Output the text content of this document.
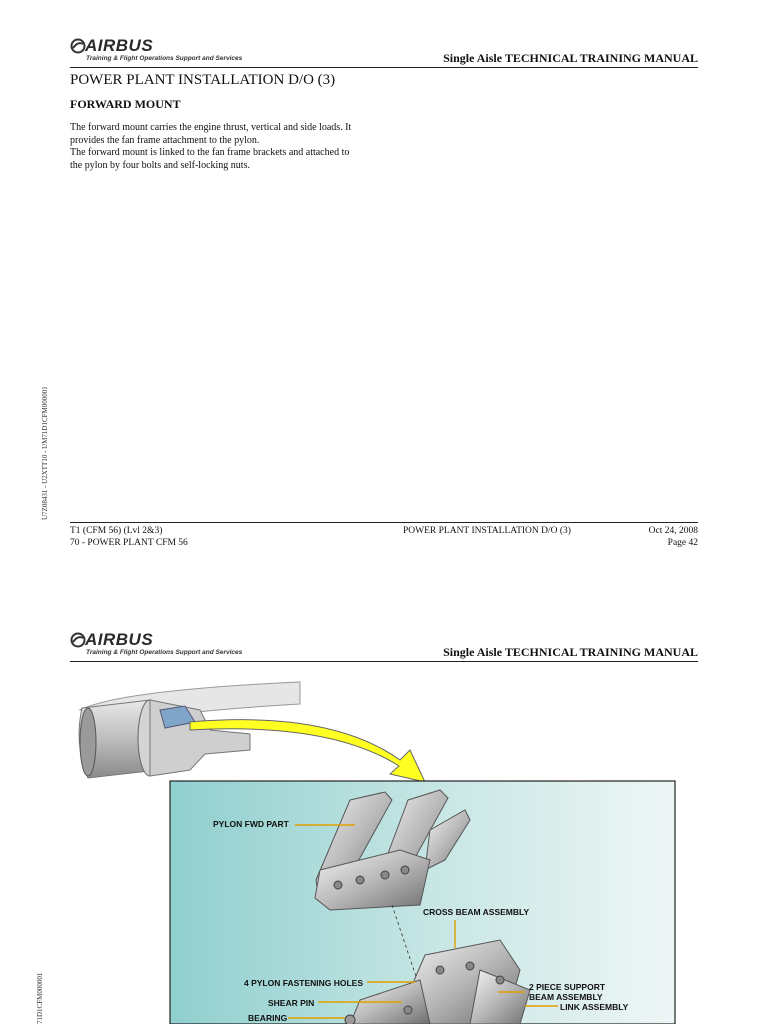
AIRBUS
Training & Flight Operations Support and Services	Single Aisle TECHNICAL TRAINING MANUAL
POWER PLANT INSTALLATION D/O (3)
FORWARD MOUNT
The forward mount carries the engine thrust, vertical and side loads. It
provides the fan frame attachment to the pylon.
The forward mount is linked to the fan frame brackets and attached to
the pylon by four bolts and self-locking nuts.
U7Z08431 - U2XTT10 - UM71D1CFM000001
T1 (CFM 56) (Lvl 2&3)
70 - POWER PLANT CFM 56
POWER PLANT INSTALLATION D/O (3)	Oct 24, 2008
Page 42
AIRBUS
Training & Flight Operations Support and Services	Single Aisle TECHNICAL TRAINING MANUAL
71D1CFM000001
PYLON FWD PART
CROSS BEAM ASSEMBLY
4 PYLON FASTENING HOLES	2 PIECE SUPPORT
BEAM ASSEMBLY
LINK ASSEMBLY
SHEAR PIN
BEARING
